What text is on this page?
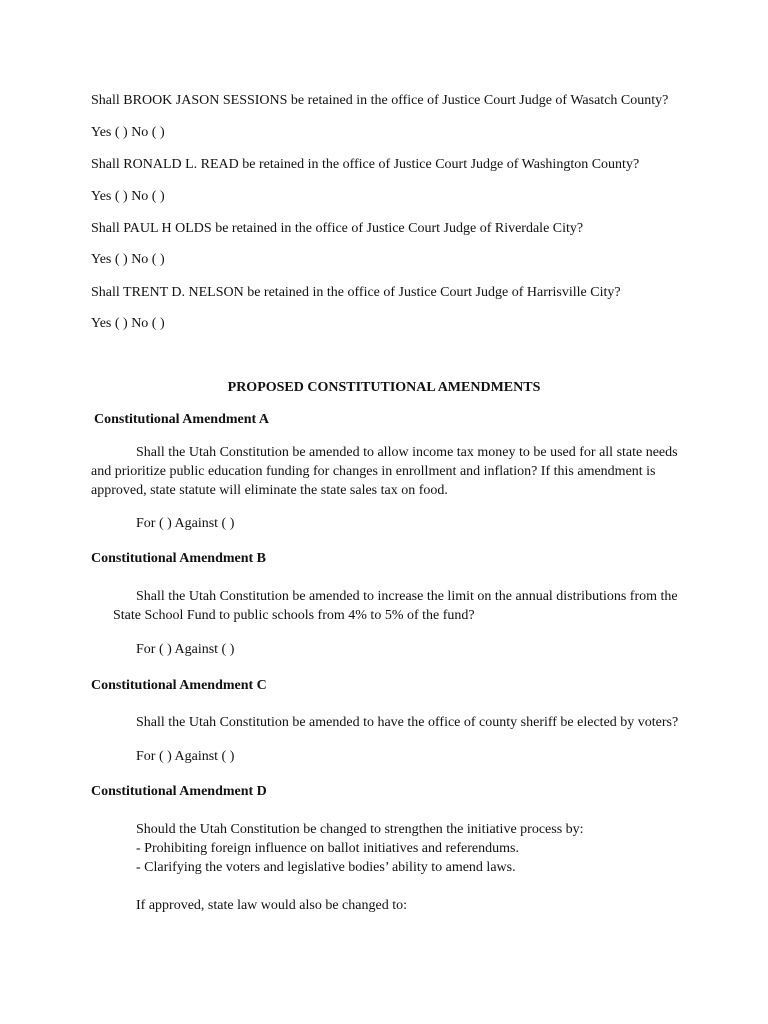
Shall BROOK JASON SESSIONS be retained in the office of Justice Court Judge of Wasatch County?

Yes ( ) No ( )

Shall RONALD L. READ be retained in the office of Justice Court Judge of Washington County?

Yes ( ) No ( )

Shall PAUL H OLDS be retained in the office of Justice Court Judge of Riverdale City?

Yes ( ) No ( )

Shall TRENT D. NELSON be retained in the office of Justice Court Judge of Harrisville City?

Yes ( ) No ( )

PROPOSED CONSTITUTIONAL AMENDMENTS

Constitutional Amendment A

Shall the Utah Constitution be amended to allow income tax money to be used for all state needs

and prioritize public education funding for changes in enrollment and inflation? If this amendment is

approved, state statute will eliminate the state sales tax on food.

For ( ) Against ( )

Constitutional Amendment B

Shall the Utah Constitution be amended to increase the limit on the annual distributions from the

State School Fund to public schools from 4% to 5% of the fund?

For ( ) Against ( )

Constitutional Amendment C

Shall the Utah Constitution be amended to have the office of county sheriff be elected by voters?

For ( ) Against ( )

Constitutional Amendment D

Should the Utah Constitution be changed to strengthen the initiative process by:

- Prohibiting foreign influence on ballot initiatives and referendums.

- Clarifying the voters and legislative bodies’ ability to amend laws.

If approved, state law would also be changed to:
